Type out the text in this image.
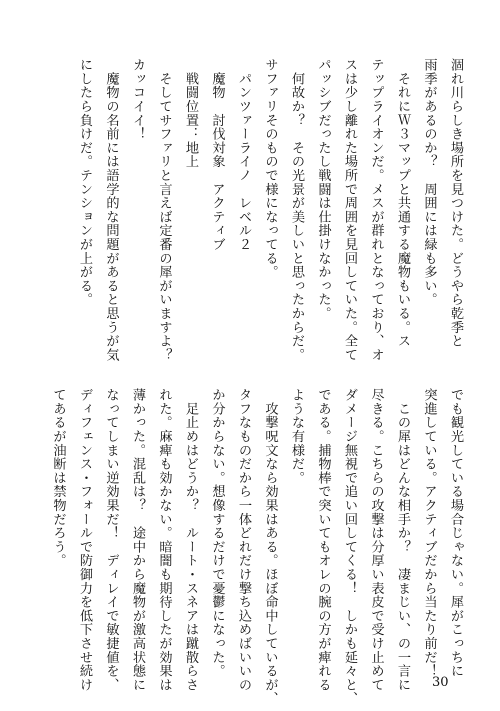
涸れ川らしき場所を見つけた。どうやら乾季と
雨季があるのか？　周囲には緑も多い。
　それにＷ３マップと共通する魔物もいる。ス
テップライオンだ。メスが群れとなっており、オ
スは少し離れた場所で周囲を見回していた。全て
パッシブだったし戦闘は仕掛けなかった。
　何故か？　その光景が美しいと思ったからだ。
サファリそのもので様になってる。
　パンツァーライノ　レベル２
　魔物　討伐対象　アクティブ
　戦闘位置：地上
　そしてサファリと言えば定番の犀がいますよ？
カッコイイ！
　魔物の名前には語学的な問題があると思うが気
にしたら負けだ。テンションが上がる。
でも観光している場合じゃない。犀がこっちに
突進している。アクティブだから当たり前だ！
　この犀はどんな相手か？　凄まじい、の一言に
尽きる。こちらの攻撃は分厚い表皮で受け止めて
ダメージ無視で追い回してくる！　しかも延々と、
である。捕物棒で突いてもオレの腕の方が痺れる
ような有様だ。
　攻撃呪文なら効果はある。ほぼ命中しているが、
タフなものだから一体どれだけ撃ち込めばいいの
か分からない。想像するだけで憂鬱になった。
　足止めはどうか？　ルート・スネアは蹴散らさ
れた。麻痺も効かない。暗闇も期待したが効果は
薄かった。混乱は？　途中から魔物が激高状態に
なってしまい逆効果だ！　ディレイで敏捷値を、
ディフェンス・フォールで防御力を低下させ続け
てあるが油断は禁物だろう。
30
